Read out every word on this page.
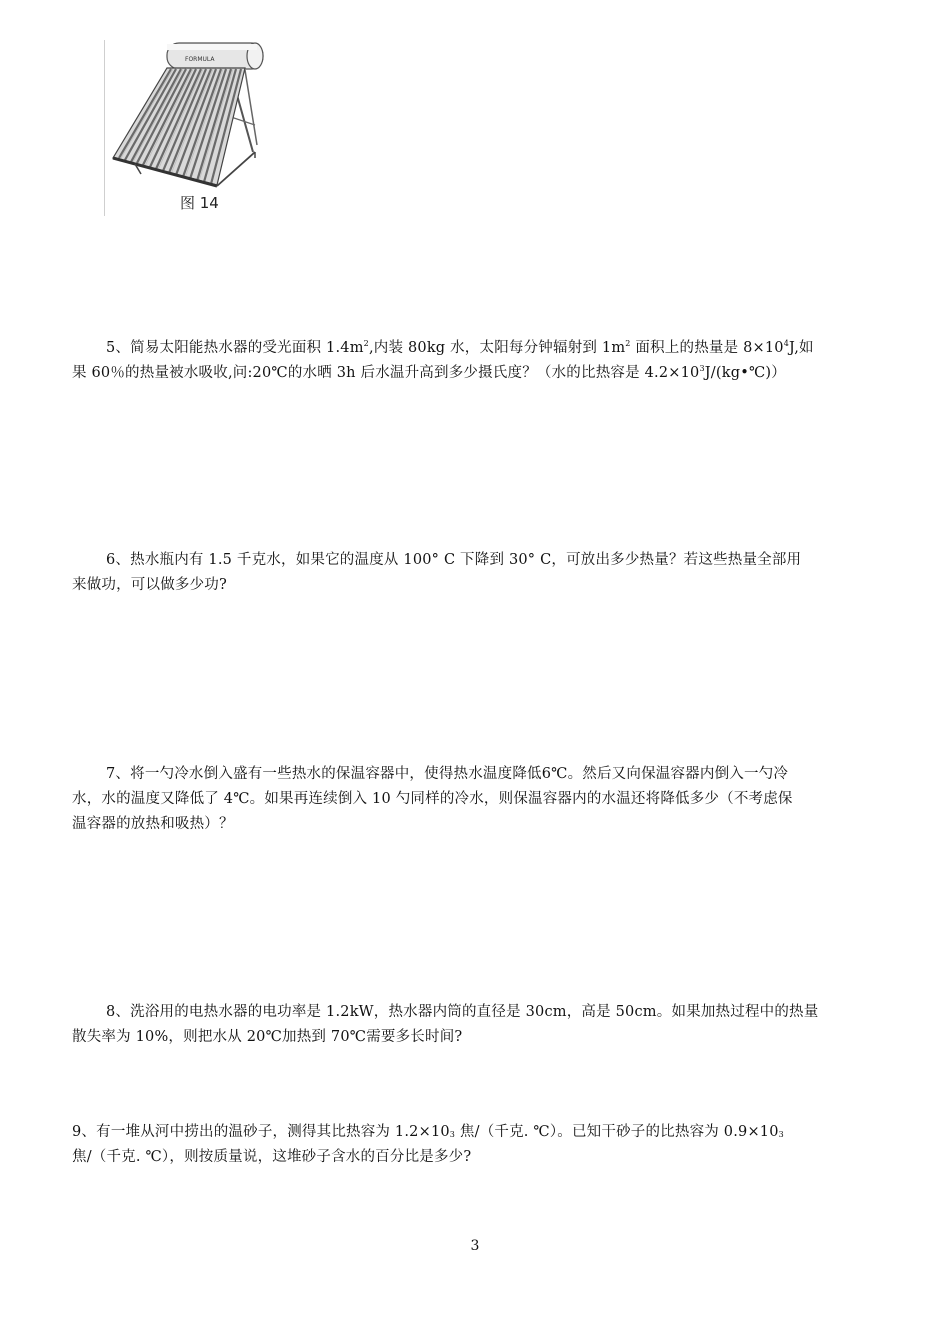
FORMULA
图 14

5、简易太阳能热水器的受光面积 $1.4m^2$,内装 80kg 水，太阳每分钟辐射到 $1m^2$ 面积上的热量是 $8\times 10^4J$,如

果 60％的热量被水吸收,问:20℃的水晒 3h 后水温升高到多少摄氏度？（水的比热容是 $4.2\times 10^3J/(kg•℃)$）

6、热水瓶内有 1.5 千克水，如果它的温度从 100° C 下降到 30° C，可放出多少热量？若这些热量全部用

来做功，可以做多少功?

7、将一勺冷水倒入盛有一些热水的保温容器中，使得热水温度降低6℃。然后又向保温容器内倒入一勺冷

水，水的温度又降低了 4℃。如果再连续倒入 10 勺同样的冷水，则保温容器内的水温还将降低多少（不考虑保

温容器的放热和吸热）？

8、洗浴用的电热水器的电功率是 1.2kW，热水器内筒的直径是 30cm，高是 50cm。如果加热过程中的热量

散失率为 10%，则把水从 20℃加热到 70℃需要多长时间?

9、有一堆从河中捞出的温砂子，测得其比热容为 $1.2\times 10_3$ 焦/（千克. ℃）。已知干砂子的比热容为 $0.9\times 10_3$

焦/（千克. ℃），则按质量说，这堆砂子含水的百分比是多少?

3
